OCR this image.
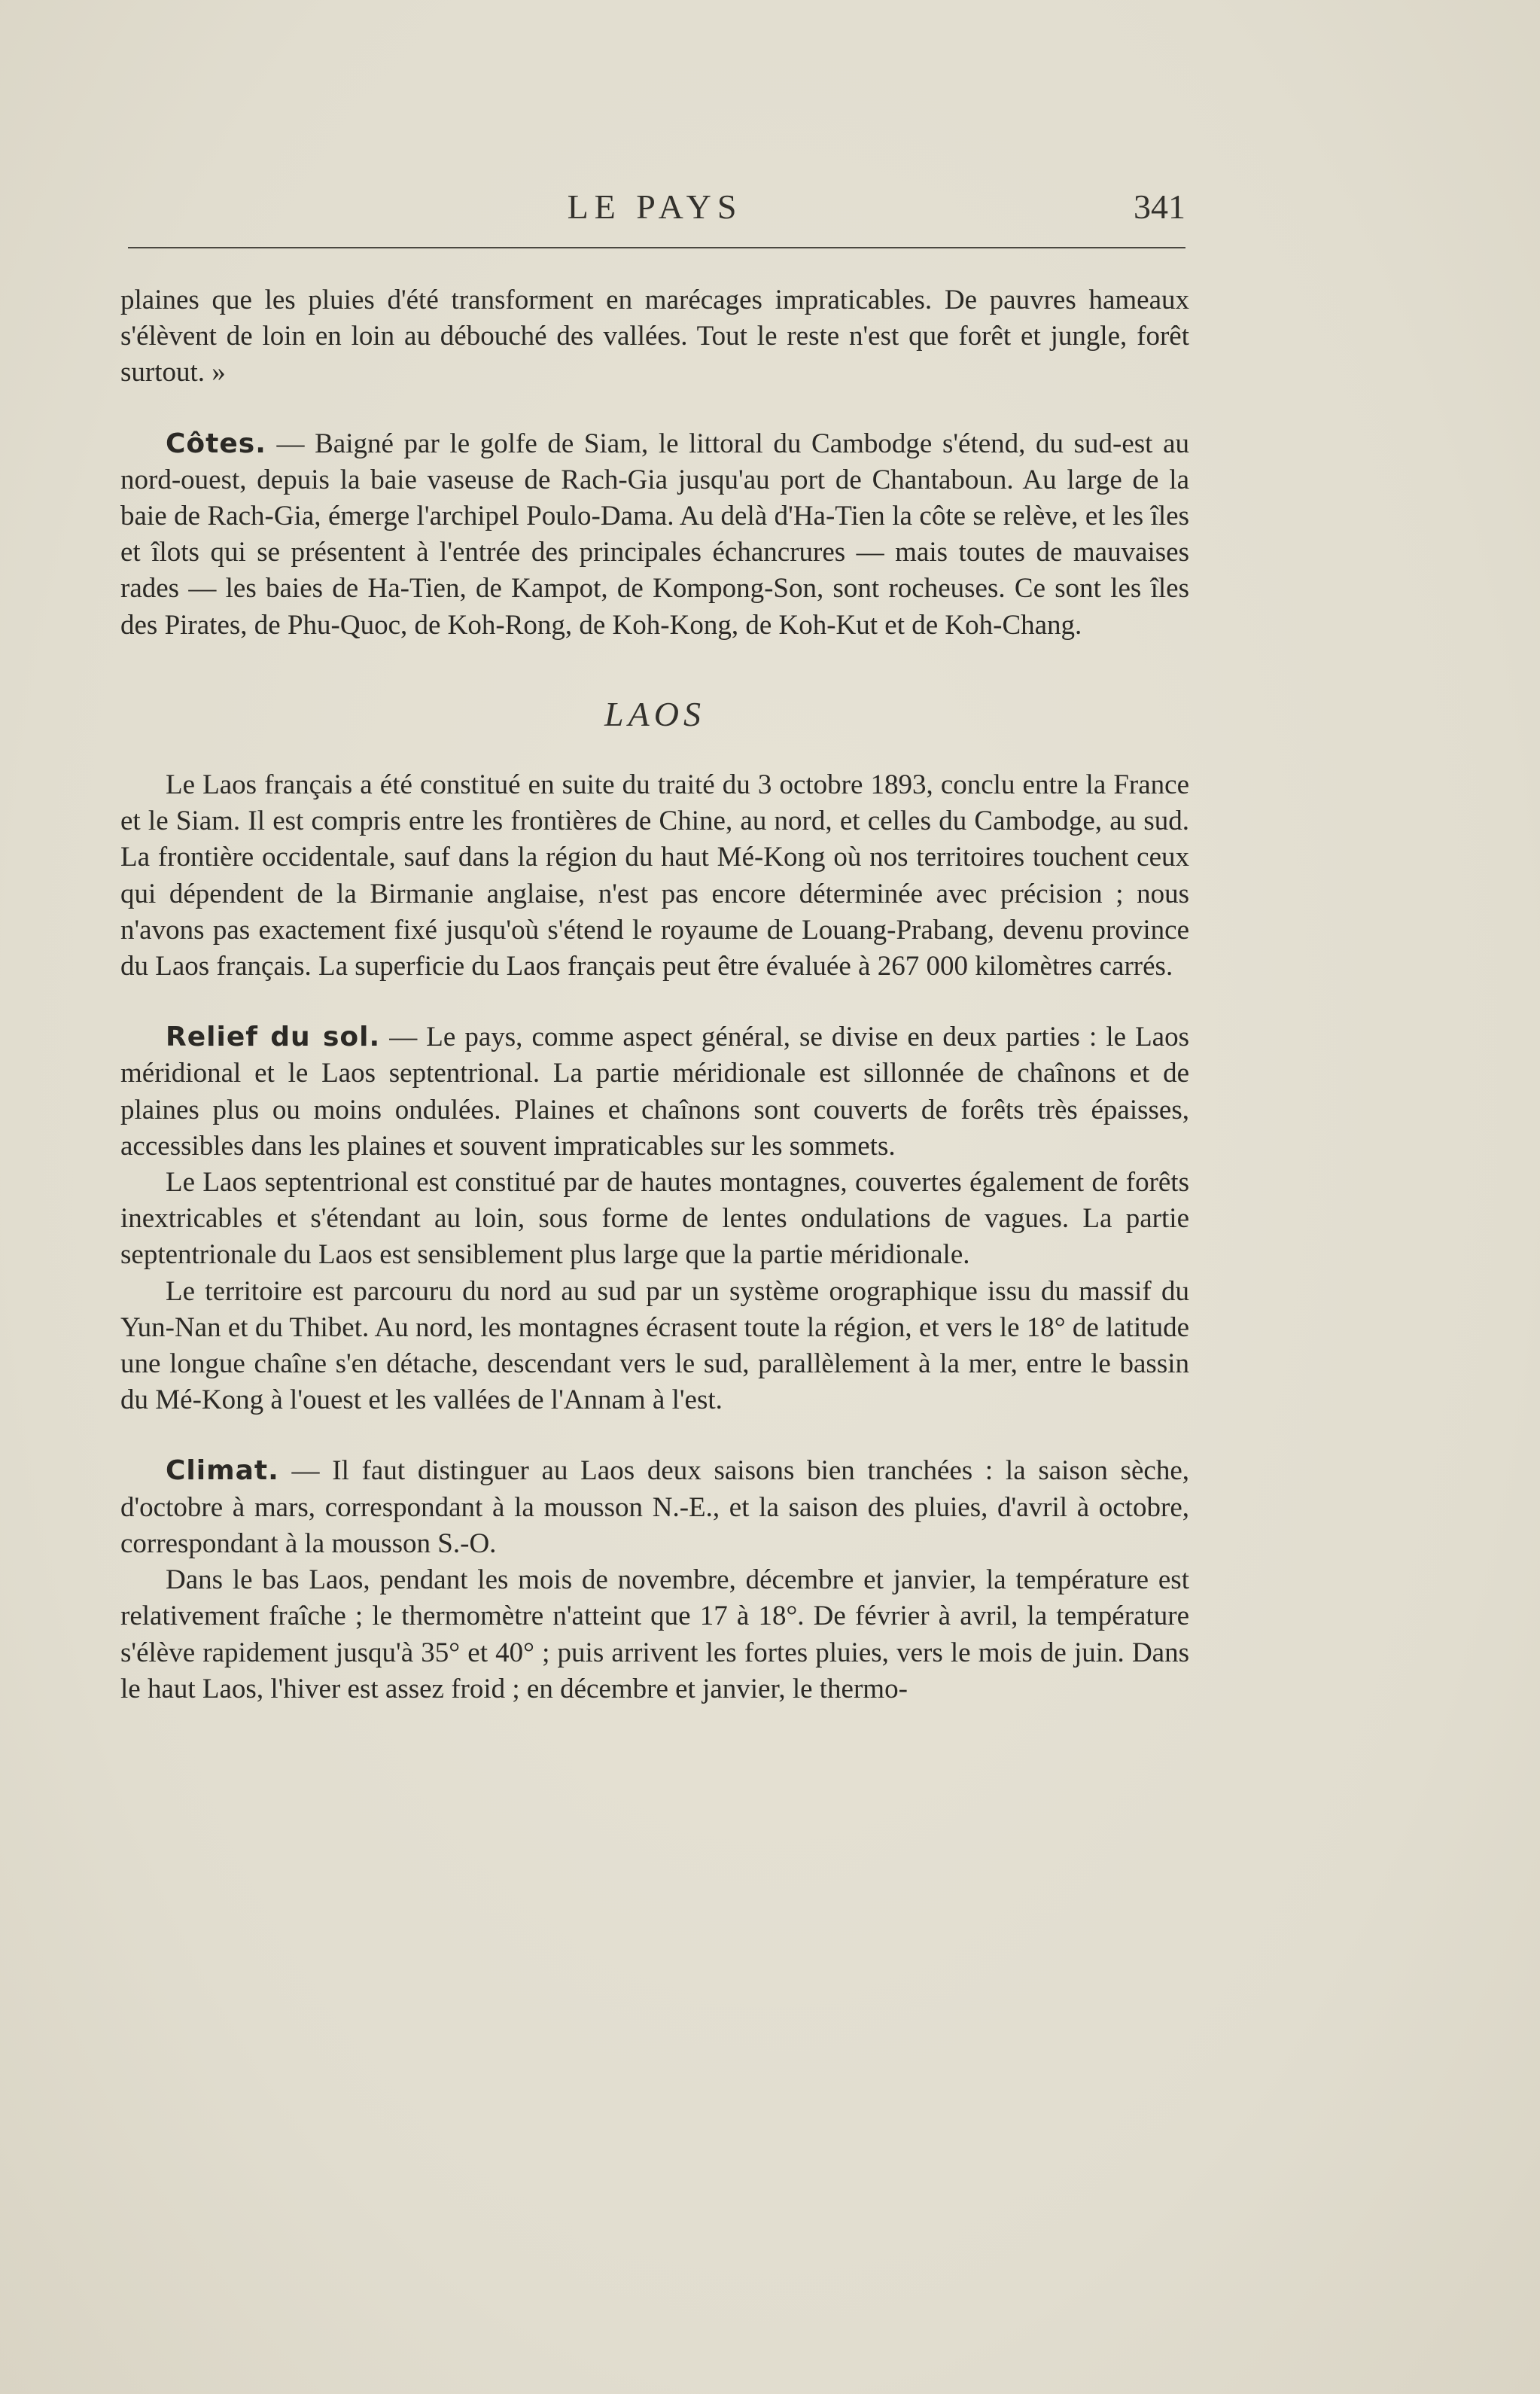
LE PAYS	341

plaines que les pluies d'été transforment en marécages impraticables. De pauvres hameaux s'élèvent de loin en loin au débouché des vallées. Tout le reste n'est que forêt et jungle, forêt surtout. »

Côtes. — Baigné par le golfe de Siam, le littoral du Cambodge s'étend, du sud-est au nord-ouest, depuis la baie vaseuse de Rach-Gia jusqu'au port de Chantaboun. Au large de la baie de Rach-Gia, émerge l'archipel Poulo-Dama. Au delà d'Ha-Tien la côte se relève, et les îles et îlots qui se présentent à l'entrée des principales échancrures — mais toutes de mauvaises rades — les baies de Ha-Tien, de Kampot, de Kompong-Son, sont rocheuses. Ce sont les îles des Pirates, de Phu-Quoc, de Koh-Rong, de Koh-Kong, de Koh-Kut et de Koh-Chang.

LAOS

Le Laos français a été constitué en suite du traité du 3 octobre 1893, conclu entre la France et le Siam. Il est compris entre les frontières de Chine, au nord, et celles du Cambodge, au sud. La frontière occidentale, sauf dans la région du haut Mé-Kong où nos territoires touchent ceux qui dépendent de la Birmanie anglaise, n'est pas encore déterminée avec précision ; nous n'avons pas exactement fixé jusqu'où s'étend le royaume de Louang-Prabang, devenu province du Laos français. La superficie du Laos français peut être évaluée à 267 000 kilomètres carrés.

Relief du sol. — Le pays, comme aspect général, se divise en deux parties : le Laos méridional et le Laos septentrional. La partie méridionale est sillonnée de chaînons et de plaines plus ou moins ondulées. Plaines et chaînons sont couverts de forêts très épaisses, accessibles dans les plaines et souvent impraticables sur les sommets.

Le Laos septentrional est constitué par de hautes montagnes, couvertes également de forêts inextricables et s'étendant au loin, sous forme de lentes ondulations de vagues. La partie septentrionale du Laos est sensiblement plus large que la partie méridionale.

Le territoire est parcouru du nord au sud par un système orographique issu du massif du Yun-Nan et du Thibet. Au nord, les montagnes écrasent toute la région, et vers le 18° de latitude une longue chaîne s'en détache, descendant vers le sud, parallèlement à la mer, entre le bassin du Mé-Kong à l'ouest et les vallées de l'Annam à l'est.

Climat. — Il faut distinguer au Laos deux saisons bien tranchées : la saison sèche, d'octobre à mars, correspondant à la mousson N.-E., et la saison des pluies, d'avril à octobre, correspondant à la mousson S.-O.

Dans le bas Laos, pendant les mois de novembre, décembre et janvier, la température est relativement fraîche ; le thermomètre n'atteint que 17 à 18°. De février à avril, la température s'élève rapidement jusqu'à 35° et 40° ; puis arrivent les fortes pluies, vers le mois de juin. Dans le haut Laos, l'hiver est assez froid ; en décembre et janvier, le thermo-
